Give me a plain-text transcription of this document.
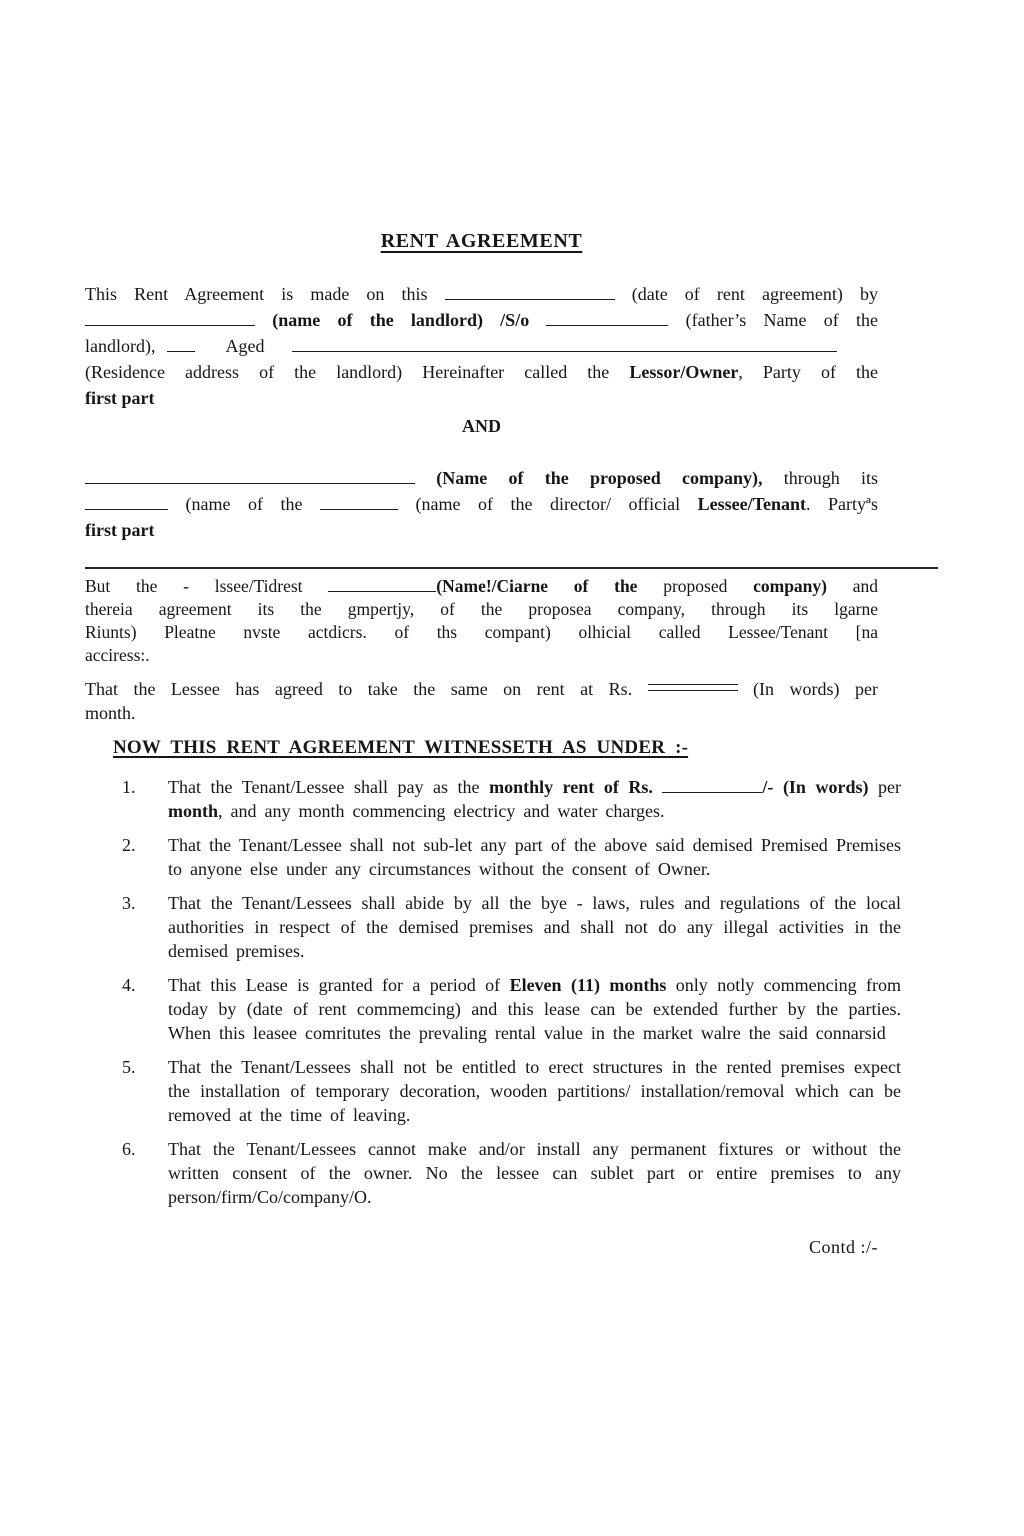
RENT AGREEMENT
This Rent Agreement is made on this	(date of rent agreement) by
(name of the landlord) /S/o	(father’s Name of the
landlord),	Aged
(Residence address of the landlord) Hereinafter called the Lessor/Owner, Party of the
first part
AND
(Name of the proposed company), through its
(name of the	(name of the director/ official Lessee/Tenant. Partyªs
first part
But the - lssee/Tidrest	(Name!/Ciarne of the proposed company) and
thereia agreement its the gmpertjy, of the proposea company, through its lgarne
Riunts) Pleatne nvste actdicrs. of ths compant) olhicial called Lessee/Tenant [na
acciress:.
That the Lessee has agreed to take the same on rent at Rs.	(In words) per
month.
NOW THIS RENT AGREEMENT WITNESSETH AS UNDER :-
1.	That the Tenant/Lessee shall pay as the monthly rent of Rs.	/- (In words) per month, and any month commencing electricy and water charges.
2.	That the Tenant/Lessee shall not sub-let any part of the above said demised Premised Premises to anyone else under any circumstances without the consent of Owner.
3.	That the Tenant/Lessees shall abide by all the bye - laws, rules and regulations of the local authorities in respect of the demised premises and shall not do any illegal activities in the demised premises.
4.	That this Lease is granted for a period of Eleven (11) months only notly commencing from today by (date of rent commemcing) and this lease can be extended further by the parties. When this leasee comritutes the prevaling rental value in the market walre the said connarsid
5.	That the Tenant/Lessees shall not be entitled to erect structures in the rented premises expect the installation of temporary decoration, wooden partitions/ installation/removal which can be removed at the time of leaving.
6.	That the Tenant/Lessees cannot make and/or install any permanent fixtures or without the written consent of the owner. No the lessee can sublet part or entire premises to any person/firm/Co/company/O.
Contd :/-
